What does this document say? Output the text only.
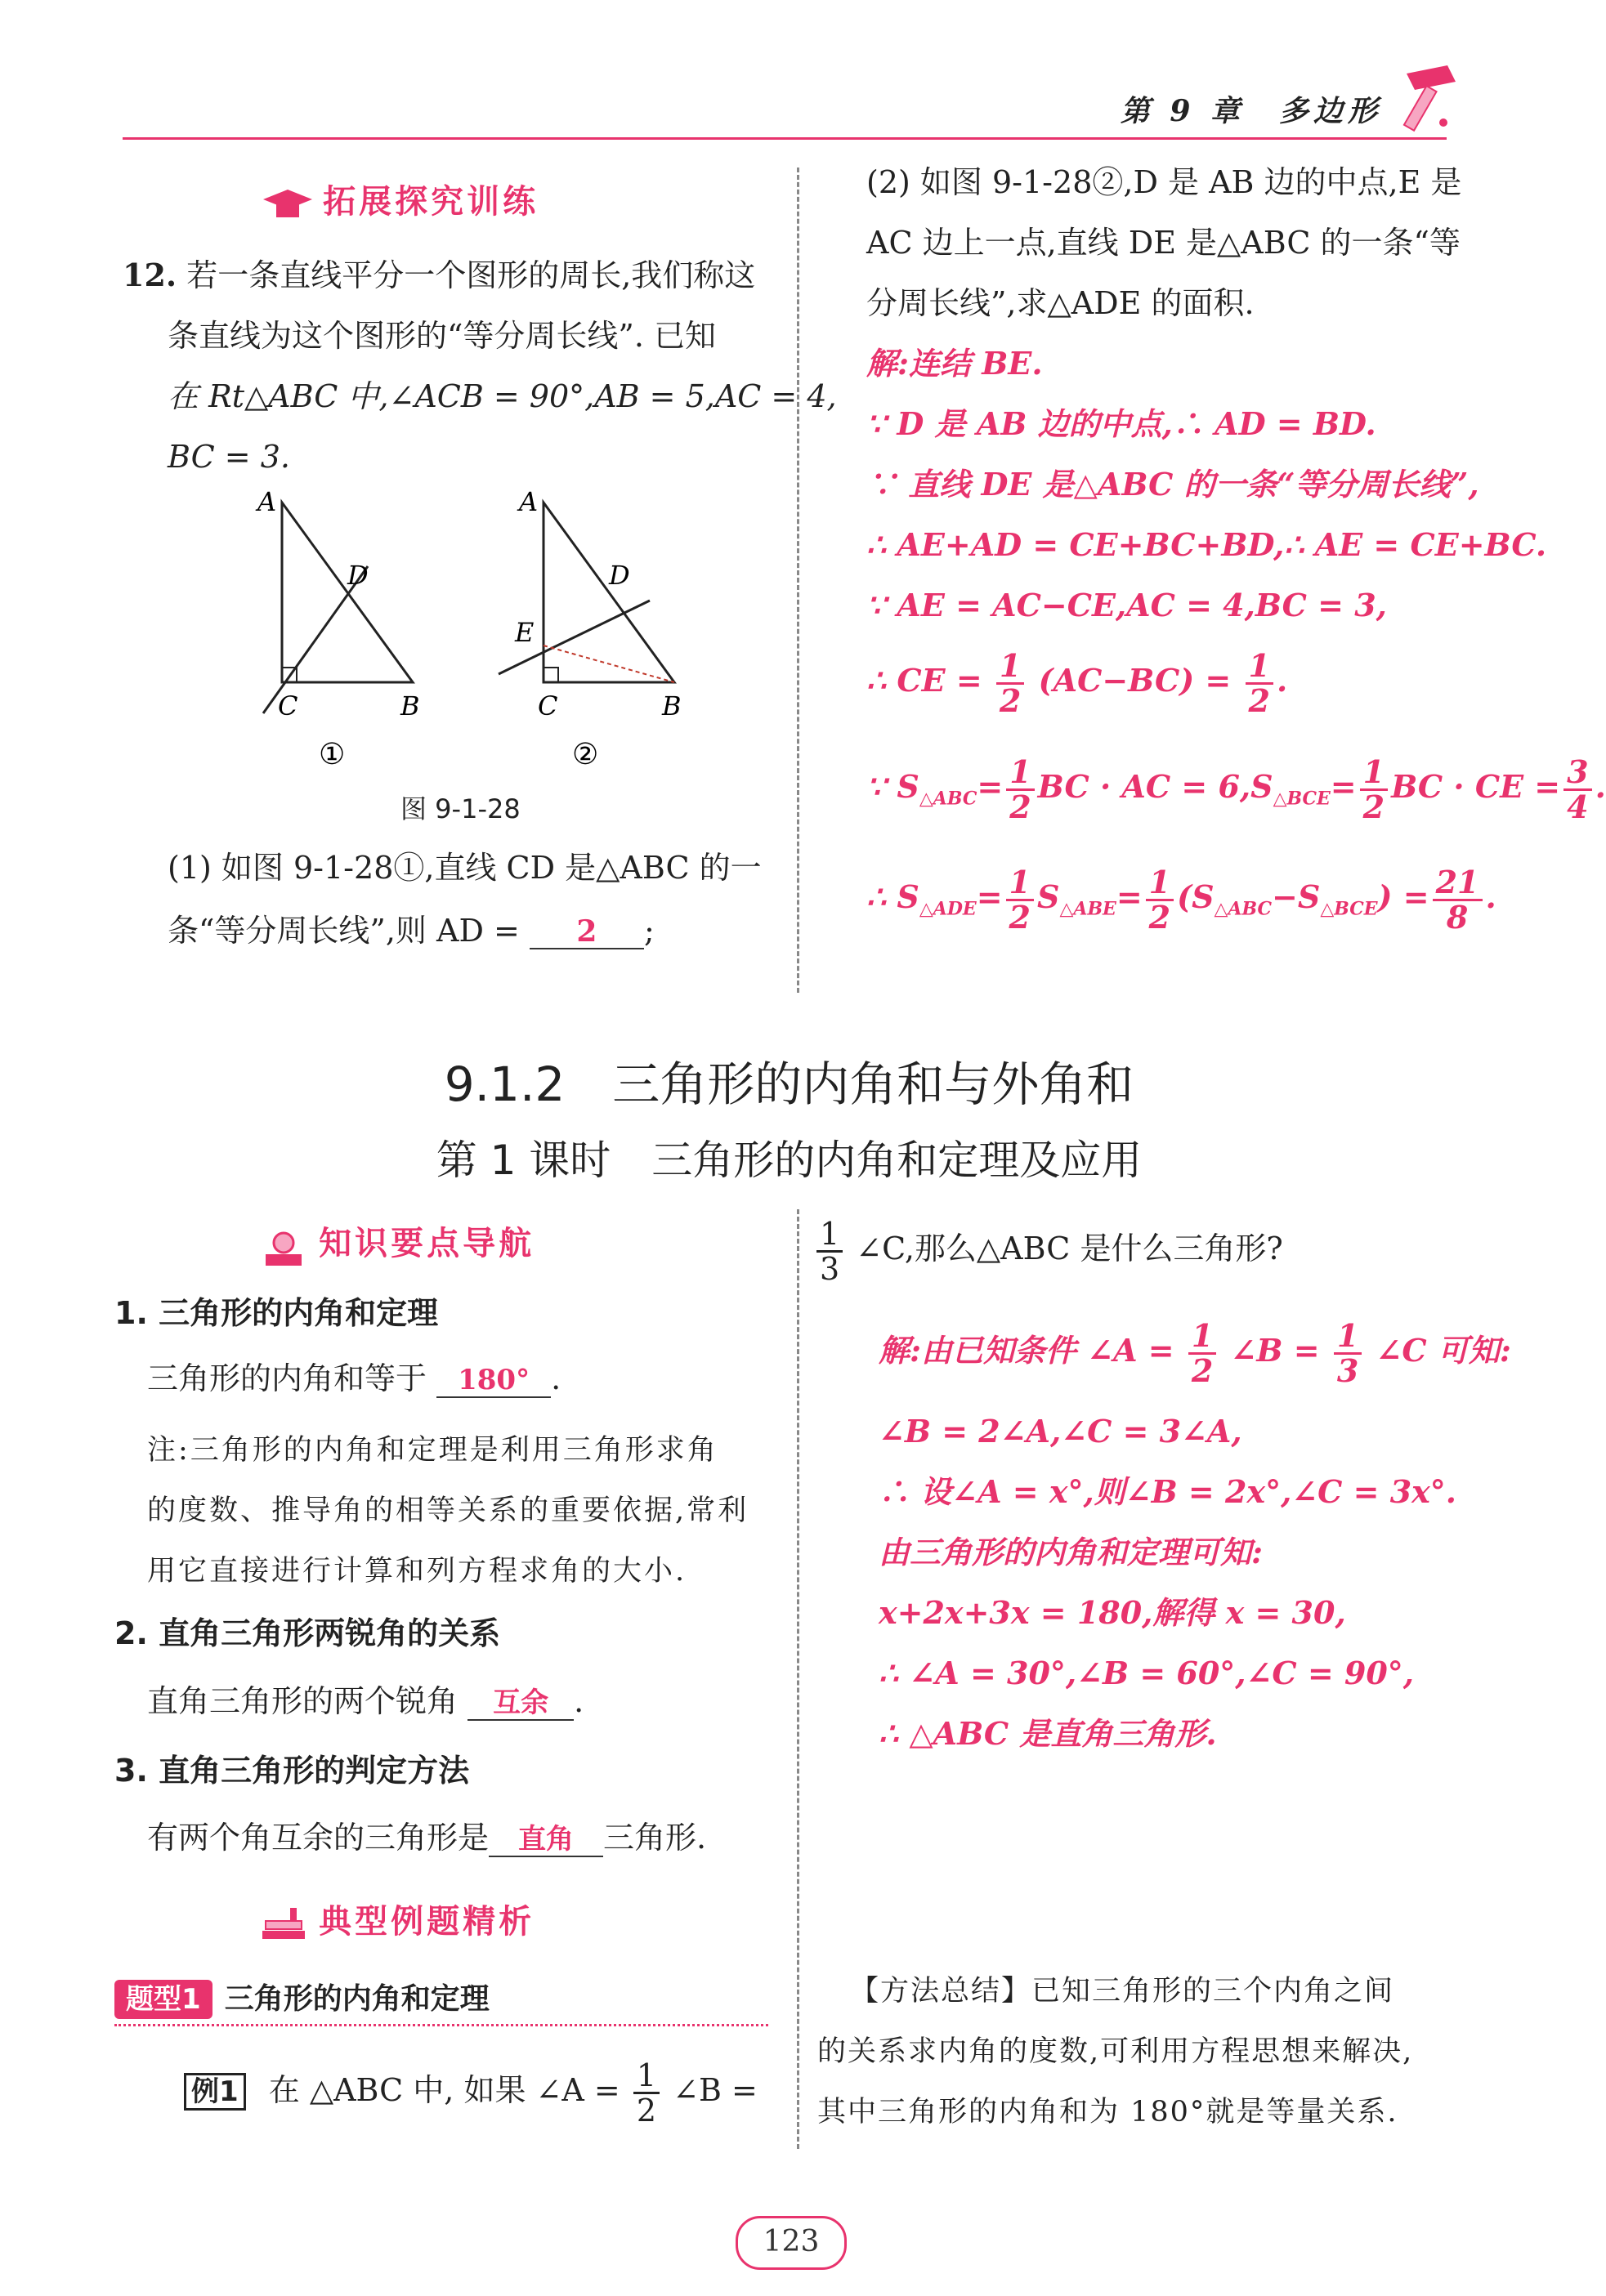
第 9 章　多边形
拓展探究训练
12. 若一条直线平分一个图形的周长,我们称这
条直线为这个图形的“等分周长线”. 已知
在 Rt△ABC 中,∠ACB = 90°,AB = 5,AC = 4,
BC = 3.
A
D
C	B
①
A
D
E
C	B
②
图 9-1-28
(1) 如图 9-1-28①,直线 CD 是△ABC 的一
条“等分周长线”,则 AD = 2 ;
(2) 如图 9-1-28②,D 是 AB 边的中点,E 是
AC 边上一点,直线 DE 是△ABC 的一条“等
分周长线”,求△ADE 的面积.
解:连结 BE.
∵ D 是 AB 边的中点,∴ AD = BD.
∵ 直线 DE 是△ABC 的一条“等分周长线”,
∴ AE+AD = CE+BC+BD,∴ AE = CE+BC.
∵ AE = AC−CE,AC = 4,BC = 3,
∴ CE = $\frac{1}{2} (AC-BC) = \frac{1}{2}$ .
∵ $S_{\triangle ABC}= \frac{1}{2}$ BC · AC = $6,S_{\triangle BCE}= \frac{1}{2}$ BC · CE = $\frac{3}{4}$ .
∴ $S_{\triangle ADE}= \frac{1}{2} S_{\triangle ABE}= \frac{1}{2} (S_{\triangle ABC}-S_{\triangle BCE}) = \frac{21}{8}$ .
9.1.2　三角形的内角和与外角和
第 1 课时　三角形的内角和定理及应用
知识要点导航
1. 三角形的内角和定理
三角形的内角和等于 180° .
注:三角形的内角和定理是利用三角形求角
的度数、推导角的相等关系的重要依据,常利
用它直接进行计算和列方程求角的大小.
2. 直角三角形两锐角的关系
直角三角形的两个锐角 互余 .
3. 直角三角形的判定方法
有两个角互余的三角形是 直角 三角形.
典型例题精析
题型1 三角形的内角和定理
例1 在 △ABC 中, 如果 ∠A = $\frac{1}{2}$ ∠B =
$\frac{1}{3}$ ∠C,那么△ABC 是什么三角形?
解:由已知条件 ∠A = $\frac{1}{2}$ ∠B = $\frac{1}{3}$ ∠C 可知:
∠B = 2∠A,∠C = 3∠A,
∴ 设∠A = x°,则∠B = 2x°,∠C = 3x°.
由三角形的内角和定理可知:
x+2x+3x = 180,解得 x = 30,
∴ ∠A = 30°,∠B = 60°,∠C = 90°,
∴ △ABC 是直角三角形.
【方法总结】已知三角形的三个内角之间
的关系求内角的度数,可利用方程思想来解决,
其中三角形的内角和为 180°就是等量关系.
123
